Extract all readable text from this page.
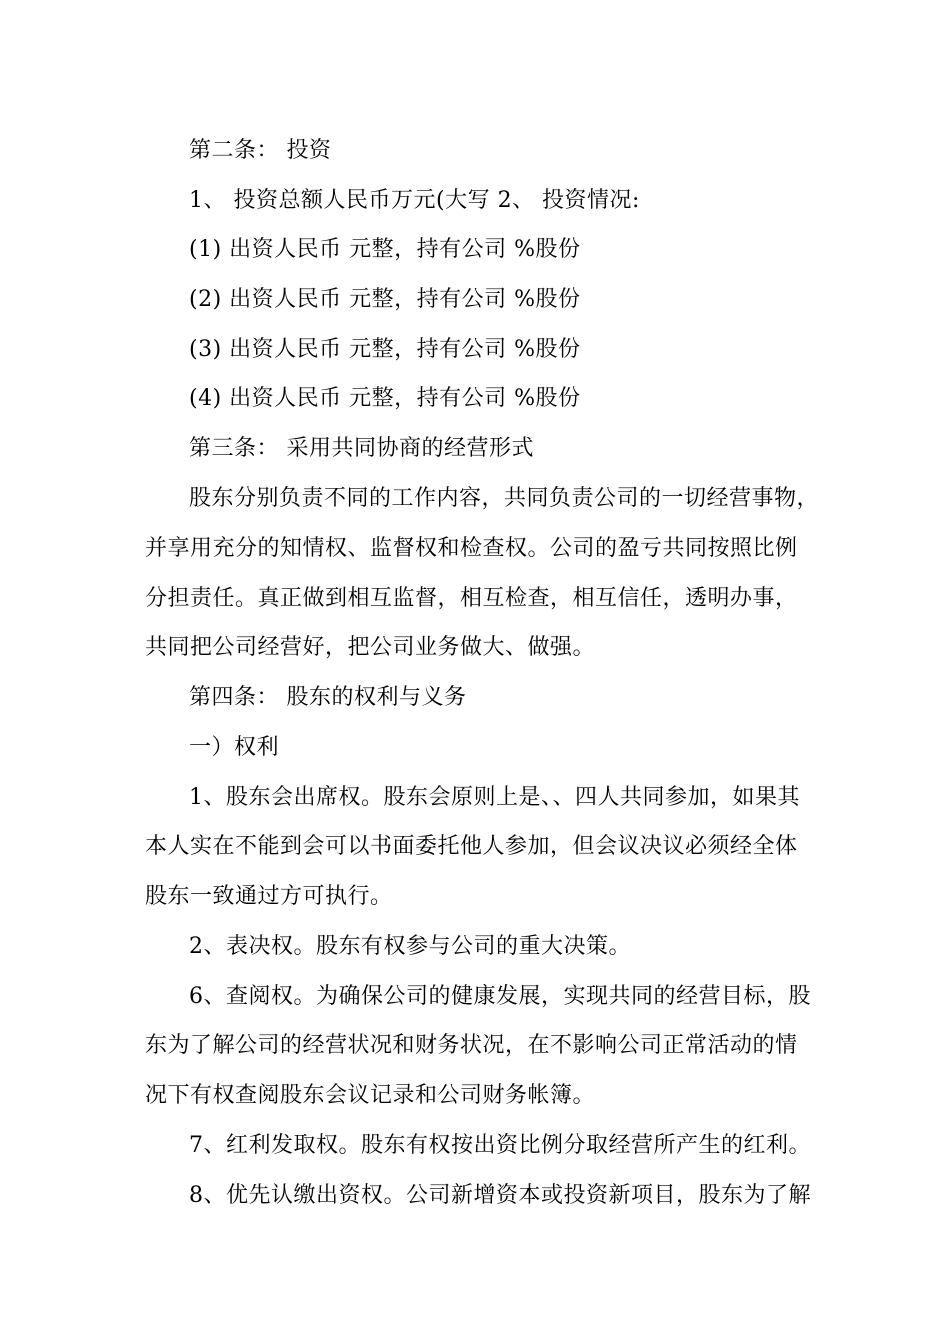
第二条： 投资
1、 投资总额人民币万元(大写 2、 投资情况:
(1) 出资人民币 元整，持有公司 %股份
(2) 出资人民币 元整，持有公司 %股份
(3) 出资人民币 元整，持有公司 %股份
(4) 出资人民币 元整，持有公司 %股份
第三条： 采用共同协商的经营形式
股东分别负责不同的工作内容，共同负责公司的一切经营事物，
并享用充分的知情权、监督权和检查权。公司的盈亏共同按照比例
分担责任。真正做到相互监督，相互检查，相互信任，透明办事，
共同把公司经营好，把公司业务做大、做强。
第四条： 股东的权利与义务
一）权利
1、股东会出席权。股东会原则上是、、四人共同参加，如果其
本人实在不能到会可以书面委托他人参加，但会议决议必须经全体
股东一致通过方可执行。
2、表决权。股东有权参与公司的重大决策。
6、查阅权。为确保公司的健康发展，实现共同的经营目标，股
东为了解公司的经营状况和财务状况，在不影响公司正常活动的情
况下有权查阅股东会议记录和公司财务帐簿。
7、红利发取权。股东有权按出资比例分取经营所产生的红利。
8、优先认缴出资权。公司新增资本或投资新项目，股东为了解
